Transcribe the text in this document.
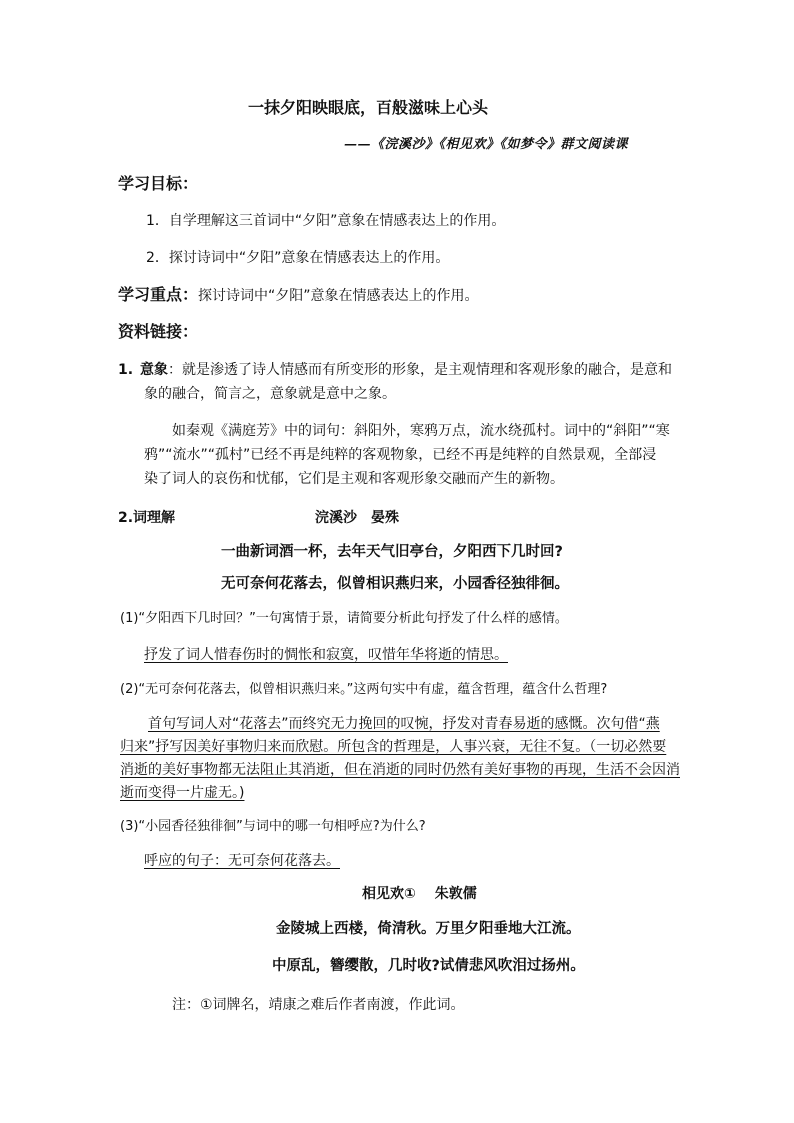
一抹夕阳映眼底，百般滋味上心头
——《浣溪沙》《相见欢》《如梦令》群文阅读课
学习目标：
1．自学理解这三首词中“夕阳”意象在情感表达上的作用。
2．探讨诗词中“夕阳”意象在情感表达上的作用。
学习重点：探讨诗词中“夕阳”意象在情感表达上的作用。
资料链接：
1. 意象：就是渗透了诗人情感而有所变形的形象，是主观情理和客观形象的融合，是意和
象的融合，简言之，意象就是意中之象。
如秦观《满庭芳》中的词句：斜阳外，寒鸦万点，流水绕孤村。词中的“斜阳”“寒
鸦”“流水”“孤村”已经不再是纯粹的客观物象，已经不再是纯粹的自然景观，全部浸
染了词人的哀伤和忧郁，它们是主观和客观形象交融而产生的新物。
2.词理解	浣溪沙　晏殊
一曲新词酒一杯，去年天气旧亭台，夕阳西下几时回?
无可奈何花落去，似曾相识燕归来，小园香径独徘徊。
(1)“夕阳西下几时回？”一句寓情于景，请简要分析此句抒发了什么样的感情。
抒发了词人惜春伤时的惆怅和寂寞，叹惜年华将逝的情思。
(2)“无可奈何花落去，似曾相识燕归来。”这两句实中有虚，蕴含哲理，蕴含什么哲理?
首句写词人对“花落去”而终究无力挽回的叹惋，抒发对青春易逝的感慨。次句借“燕
归来”抒写因美好事物归来而欣慰。所包含的哲理是，人事兴衰，无往不复。（一切必然要
消逝的美好事物都无法阻止其消逝，但在消逝的同时仍然有美好事物的再现，生活不会因消
逝而变得一片虚无。)
(3)“小园香径独徘徊”与词中的哪一句相呼应?为什么?
呼应的句子：无可奈何花落去。
相见欢①　 朱敦儒
金陵城上西楼，倚清秋。万里夕阳垂地大江流。
中原乱，簪缨散，几时收?试倩悲风吹泪过扬州。
注：①词牌名，靖康之难后作者南渡，作此词。
